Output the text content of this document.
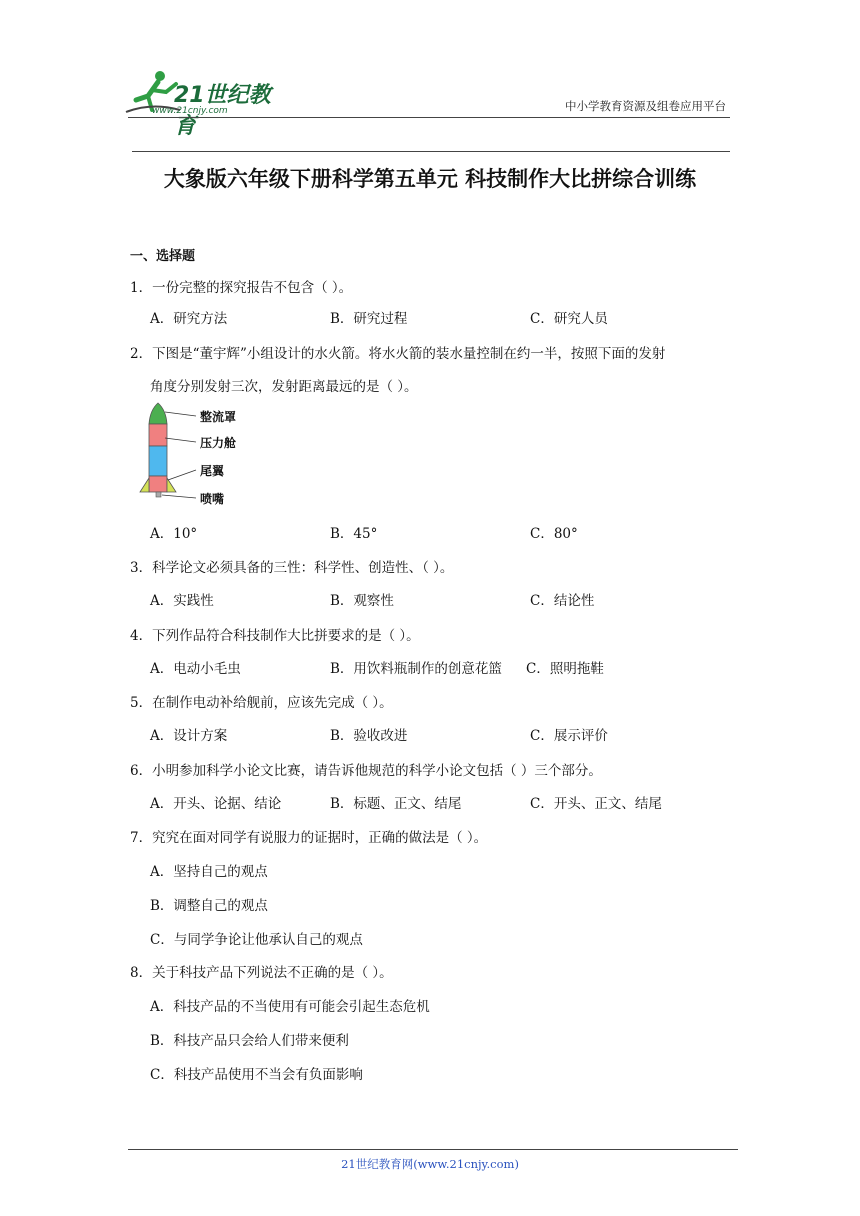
21世纪教育
www.21cnjy.com	中小学教育资源及组卷应用平台
大象版六年级下册科学第五单元 科技制作大比拼综合训练
一、选择题
1．一份完整的探究报告不包含（ ）。
A．研究方法	B．研究过程	C．研究人员
2．下图是“董宇辉”小组设计的水火箭。将水火箭的装水量控制在约一半，按照下面的发射
角度分别发射三次，发射距离最远的是（ ）。
整流罩
压力舱
尾翼
喷嘴
A．10°	B．45°	C．80°
3．科学论文必须具备的三性：科学性、创造性、（ ）。
A．实践性	B．观察性	C．结论性
4．下列作品符合科技制作大比拼要求的是（ ）。
A．电动小毛虫	B．用饮料瓶制作的创意花篮 C．照明拖鞋
5．在制作电动补给舰前，应该先完成（ ）。
A．设计方案	B．验收改进	C．展示评价
6．小明参加科学小论文比赛，请告诉他规范的科学小论文包括（ ）三个部分。
A．开头、论据、结论	B．标题、正文、结尾	C．开头、正文、结尾
7．究究在面对同学有说服力的证据时，正确的做法是（ ）。
A．坚持自己的观点
B．调整自己的观点
C．与同学争论让他承认自己的观点
8．关于科技产品下列说法不正确的是（ ）。
A．科技产品的不当使用有可能会引起生态危机
B．科技产品只会给人们带来便利
C．科技产品使用不当会有负面影响
21世纪教育网(www.21cnjy.com)
